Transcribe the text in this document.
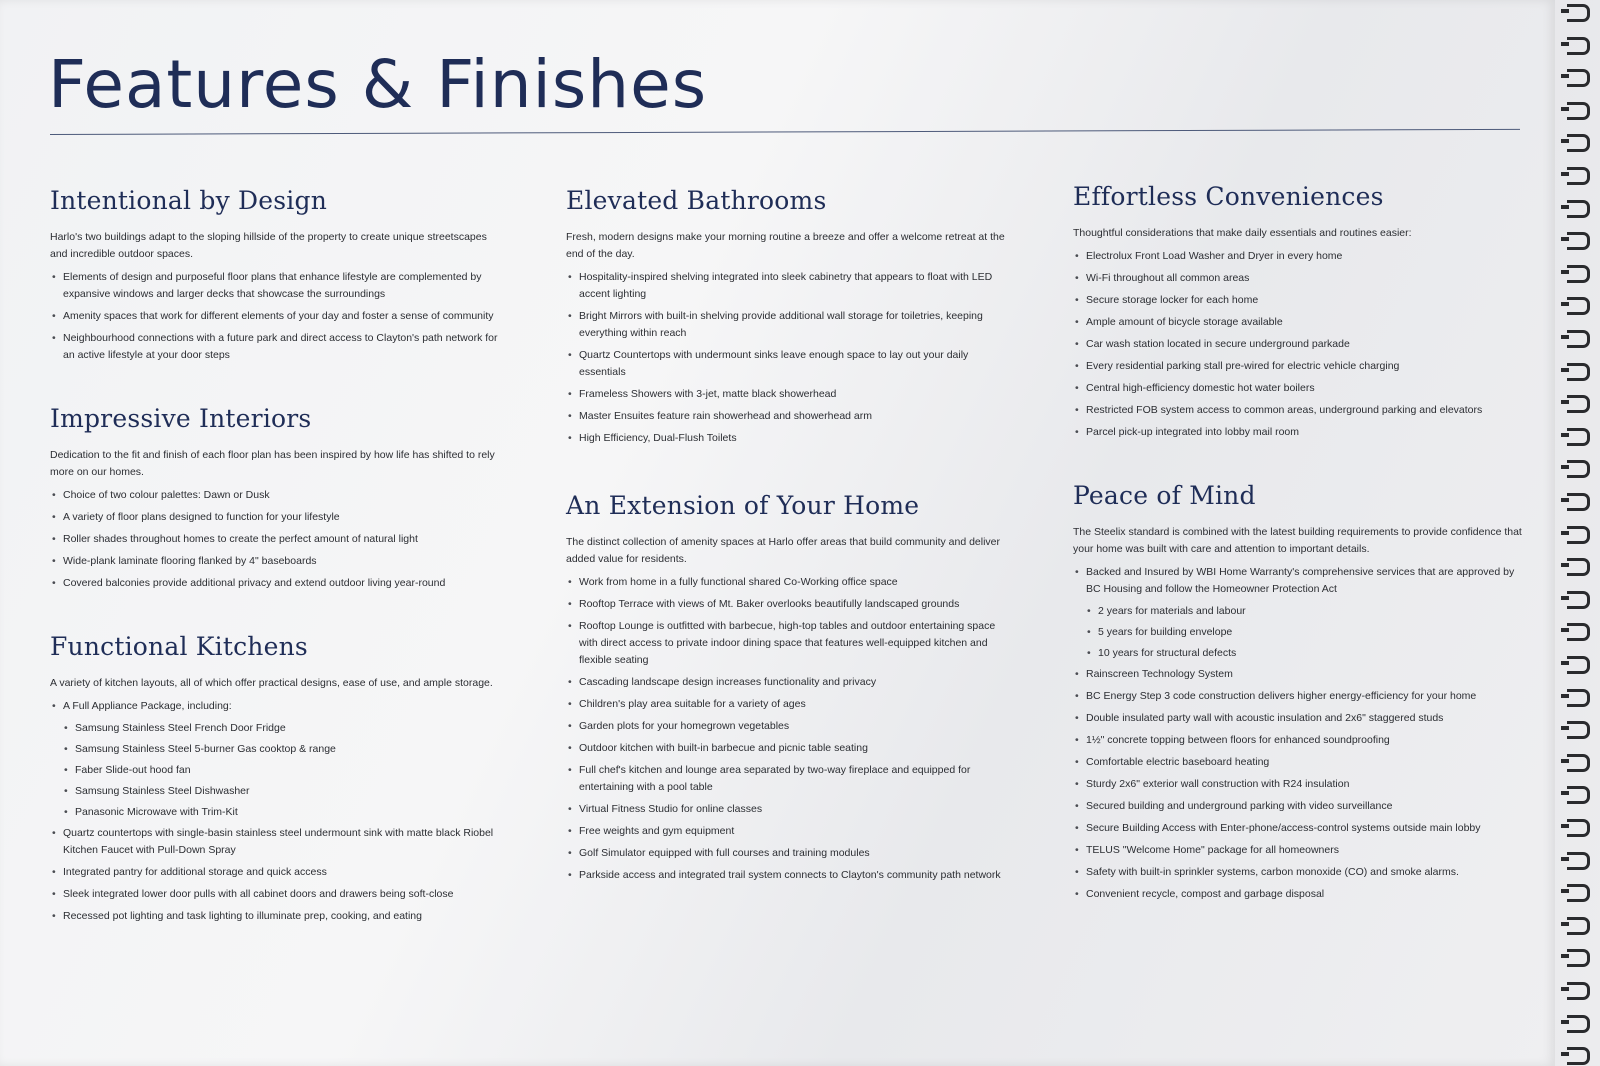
Features & Finishes
Intentional by Design

Harlo's two buildings adapt to the sloping hillside of the property to create unique streetscapes and incredible outdoor spaces.

• Elements of design and purposeful floor plans that enhance lifestyle are complemented by expansive windows and larger decks that showcase the surroundings
• Amenity spaces that work for different elements of your day and foster a sense of community
• Neighbourhood connections with a future park and direct access to Clayton's path network for an active lifestyle at your door steps
Impressive Interiors

Dedication to the fit and finish of each floor plan has been inspired by how life has shifted to rely more on our homes.

• Choice of two colour palettes: Dawn or Dusk
• A variety of floor plans designed to function for your lifestyle
• Roller shades throughout homes to create the perfect amount of natural light
• Wide-plank laminate flooring flanked by 4" baseboards
• Covered balconies provide additional privacy and extend outdoor living year-round
Functional Kitchens

A variety of kitchen layouts, all of which offer practical designs, ease of use, and ample storage.

• A Full Appliance Package, including:
• Samsung Stainless Steel French Door Fridge
• Samsung Stainless Steel 5-burner Gas cooktop & range
• Faber Slide-out hood fan
• Samsung Stainless Steel Dishwasher
• Panasonic Microwave with Trim-Kit
• Quartz countertops with single-basin stainless steel undermount sink with matte black Riobel Kitchen Faucet with Pull-Down Spray
• Integrated pantry for additional storage and quick access
• Sleek integrated lower door pulls with all cabinet doors and drawers being soft-close
• Recessed pot lighting and task lighting to illuminate prep, cooking, and eating
Elevated Bathrooms

Fresh, modern designs make your morning routine a breeze and offer a welcome retreat at the end of the day.

• Hospitality-inspired shelving integrated into sleek cabinetry that appears to float with LED accent lighting
• Bright Mirrors with built-in shelving provide additional wall storage for toiletries, keeping everything within reach
• Quartz Countertops with undermount sinks leave enough space to lay out your daily essentials
• Frameless Showers with 3-jet, matte black showerhead
• Master Ensuites feature rain showerhead and showerhead arm
• High Efficiency, Dual-Flush Toilets
An Extension of Your Home

The distinct collection of amenity spaces at Harlo offer areas that build community and deliver added value for residents.

• Work from home in a fully functional shared Co-Working office space
• Rooftop Terrace with views of Mt. Baker overlooks beautifully landscaped grounds
• Rooftop Lounge is outfitted with barbecue, high-top tables and outdoor entertaining space with direct access to private indoor dining space that features well-equipped kitchen and flexible seating
• Cascading landscape design increases functionality and privacy
• Children's play area suitable for a variety of ages
• Garden plots for your homegrown vegetables
• Outdoor kitchen with built-in barbecue and picnic table seating
• Full chef's kitchen and lounge area separated by two-way fireplace and equipped for entertaining with a pool table
• Virtual Fitness Studio for online classes
• Free weights and gym equipment
• Golf Simulator equipped with full courses and training modules
• Parkside access and integrated trail system connects to Clayton's community path network
Effortless Conveniences

Thoughtful considerations that make daily essentials and routines easier:

• Electrolux Front Load Washer and Dryer in every home
• Wi-Fi throughout all common areas
• Secure storage locker for each home
• Ample amount of bicycle storage available
• Car wash station located in secure underground parkade
• Every residential parking stall pre-wired for electric vehicle charging
• Central high-efficiency domestic hot water boilers
• Restricted FOB system access to common areas, underground parking and elevators
• Parcel pick-up integrated into lobby mail room
Peace of Mind

The Steelix standard is combined with the latest building requirements to provide confidence that your home was built with care and attention to important details.

• Backed and Insured by WBI Home Warranty's comprehensive services that are approved by BC Housing and follow the Homeowner Protection Act
• 2 years for materials and labour
• 5 years for building envelope
• 10 years for structural defects
• Rainscreen Technology System
• BC Energy Step 3 code construction delivers higher energy-efficiency for your home
• Double insulated party wall with acoustic insulation and 2x6" staggered studs
• 1½" concrete topping between floors for enhanced soundproofing
• Comfortable electric baseboard heating
• Sturdy 2x6" exterior wall construction with R24 insulation
• Secured building and underground parking with video surveillance
• Secure Building Access with Enter-phone/access-control systems outside main lobby
• TELUS "Welcome Home" package for all homeowners
• Safety with built-in sprinkler systems, carbon monoxide (CO) and smoke alarms.
• Convenient recycle, compost and garbage disposal
